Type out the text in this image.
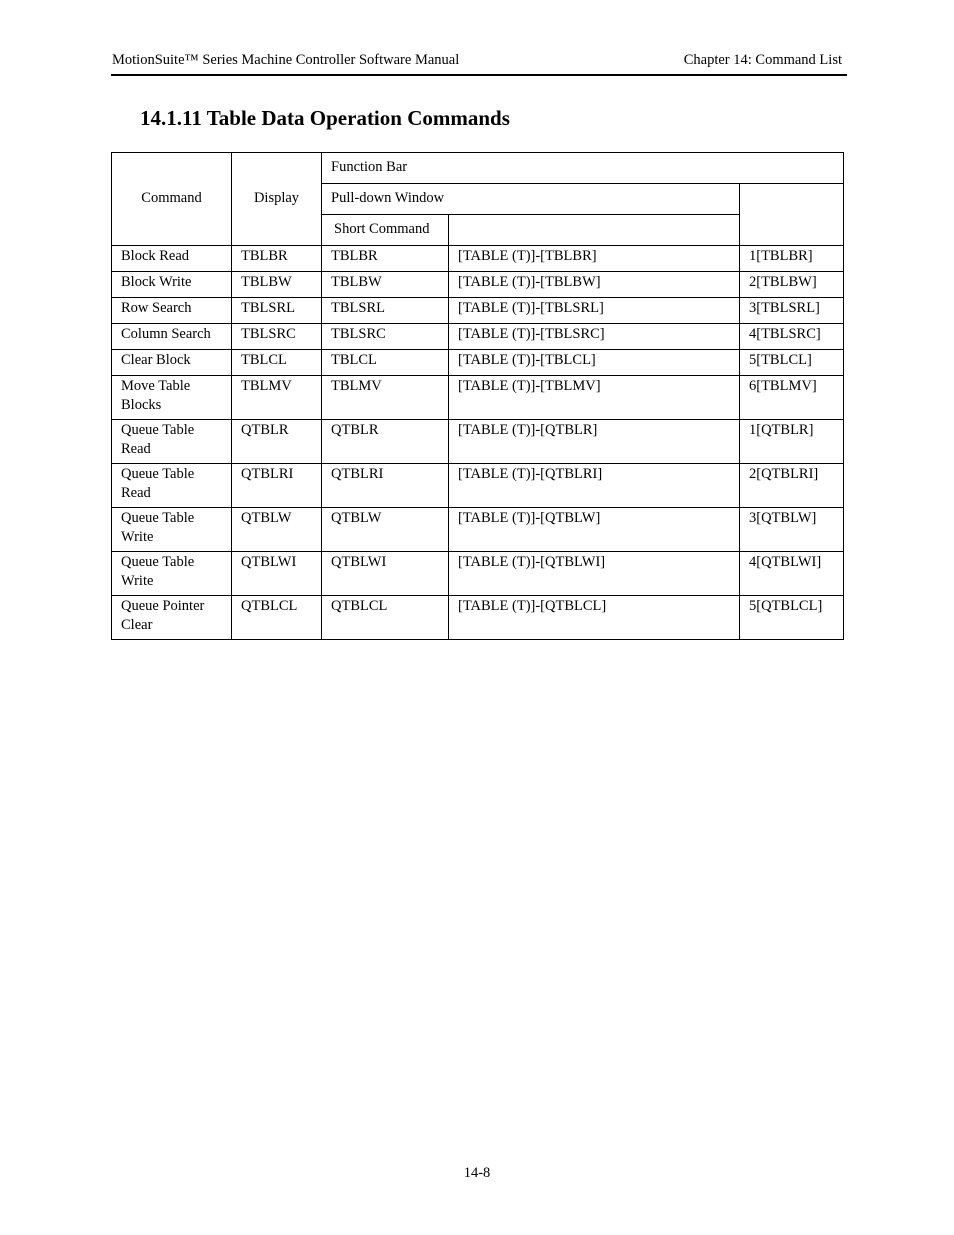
MotionSuite™ Series Machine Controller Software Manual	Chapter 14: Command List
14.1.11 Table Data Operation Commands
Command	Display	Function Bar		
		Pull-down Window		
		Short Command		
Block Read	TBLBR	TBLBR	[TABLE (T)]-[TBLBR]	1[TBLBR]
Block Write	TBLBW	TBLBW	[TABLE (T)]-[TBLBW]	2[TBLBW]
Row Search	TBLSRL	TBLSRL	[TABLE (T)]-[TBLSRL]	3[TBLSRL]
Column Search	TBLSRC	TBLSRC	[TABLE (T)]-[TBLSRC]	4[TBLSRC]
Clear Block	TBLCL	TBLCL	[TABLE (T)]-[TBLCL]	5[TBLCL]
Move Table Blocks	TBLMV	TBLMV	[TABLE (T)]-[TBLMV]	6[TBLMV]
Queue Table Read	QTBLR	QTBLR	[TABLE (T)]-[QTBLR]	1[QTBLR]
Queue Table Read	QTBLRI	QTBLRI	[TABLE (T)]-[QTBLRI]	2[QTBLRI]
Queue Table Write	QTBLW	QTBLW	[TABLE (T)]-[QTBLW]	3[QTBLW]
Queue Table Write	QTBLWI	QTBLWI	[TABLE (T)]-[QTBLWI]	4[QTBLWI]
Queue Pointer Clear	QTBLCL	QTBLCL	[TABLE (T)]-[QTBLCL]	5[QTBLCL]
14-8
